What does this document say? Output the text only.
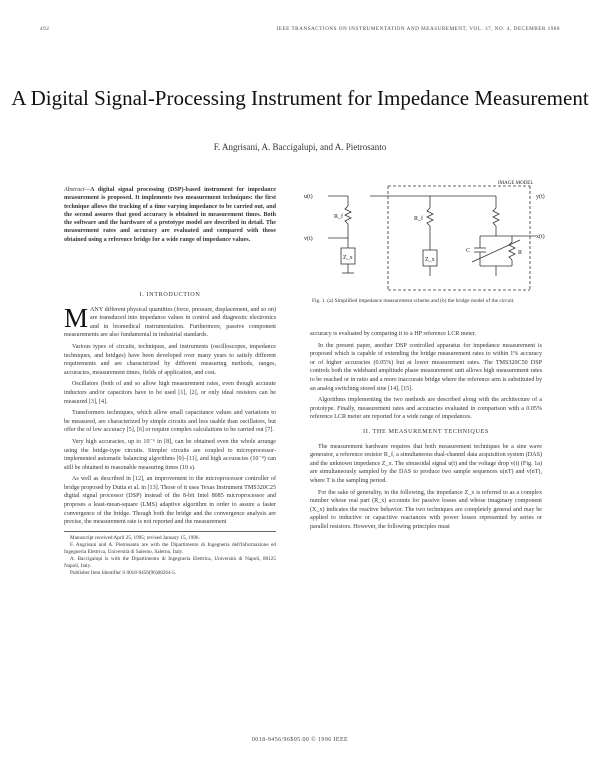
492	IEEE TRANSACTIONS ON INSTRUMENTATION AND MEASUREMENT, VOL. 37, NO. 4, DECEMBER 1988
A Digital Signal-Processing Instrument for Impedance Measurement
F. Angrisani, A. Baccigalupi, and A. Pietrosanto

Abstract—A digital signal processing (DSP)-based instrument for impedance measurement is proposed. It implements two measurement techniques: the first technique allows the tracking of a time varying impedance to be carried out, and the second assures that good accuracy is obtained in measurement times. Both the software and the hardware of a prototype model are described in detail. The measurement rates and accuracy are evaluated and compared with those obtained using a reference bridge for a wide range of impedance values.

I. INTRODUCTION

MANY different physical quantities (force, pressure, displacement, and so on) are transduced into impedance values in control and diagnostic electronics and in biomedical instrumentation. Furthermore, passive component measurements are also fundamental in industrial standards.

Various types of circuits, techniques, and instruments (oscilloscopes, impedance techniques, and bridges) have been developed over many years to satisfy different requirements and are characterized by different measuring methods, ranges, accuracies, measurement times, fields of application, and cost.

Oscillators (both of and so allow high measurement rates, even though accurate inductors and/or capacitors have to be used [1], [2], or only ideal resistors can be measured [3], [4].

Transformers techniques, which allow small capacitance values and variations to be measured, are characterized by simple circuits and less usable than oscillators, but offer the of low accuracy [5], [6] or require complex calculations to be carried out [7].

Very high accuracies, up to 10⁻⁶ in [8], can be obtained even the whole arrange using the bridge-type circuits. Simpler circuits are coupled to microprocessor-implemented automatic balancing algorithms [9]–[11], and high accuracies (10⁻⁴) can still be obtained in reasonable measuring times (10 s).

As well as described in [12], an improvement to the microprocessor controller of bridge proposed by Dutta et al. in [13]. Those of it uses Texas Instrument TMS320C25 digital signal processor (DSP) instead of the 8-bit Intel 8085 microprocessor and proposes a least-mean-square (LMS) adaptive algorithm in order to assure a faster convergence of the bridge. Though both the bridge and the convergence analysis are precise, the measurement rate is not reported and the measurement

Manuscript received April 25, 1995; revised January 15, 1996.

F. Angrisani and A. Pietrosanto are with the Dipartimento di Ingegneria dell'Informazione ed Ingegneria Elettrica, Università di Salerno, Salerno, Italy.

A. Baccigalupi is with the Dipartimento di Ingegneria Elettrica, Università di Napoli, 80125 Napoli, Italy.

Publisher Item Identifier S 0018-9456(96)08264-5.

u(t)
v(t)	x(t)
y(t)
R_f	R_f
Z_x	Z_x
C	R
IMAGE MODEL
Fig. 1. (a) Simplified impedance measurement scheme and (b) the bridge model of the circuit.

accuracy is evaluated by comparing it to a HP reference LCR meter.

In the present paper, another DSP controlled apparatus for impedance measurement is proposed which is capable of extending the bridge measurement rates to within 1% accuracy or of higher accuracies (0.05%) but at lower measurement rates. The TMS320C50 DSP controls both the wideband amplitude phase measurement unit allows high measurement rates to be reached or in ratio and a more inaccurate bridge where the reference arm is substituted by an analog switching stored sine [14], [15].

Algorithms implementing the two methods are described along with the architecture of a prototype. Finally, measurement rates and accuracies evaluated in comparison with a 0.05% reference LCR meter are reported for a wide range of impedances.

II. THE MEASUREMENT TECHNIQUES

The measurement hardware requires that both measurement techniques be a sine wave generator, a reference resistor R_f, a simultaneous dual-channel data acquisition system (DAS) and the unknown impedance Z_x. The sinusoidal signal u(t) and the voltage drop v(t) (Fig. 1a) are simultaneously sampled by the DAS to produce two sample sequences u(nT) and v(nT), where T is the sampling period.

For the sake of generality, in the following, the impedance Z_x is referred to as a complex number whose real part (R_x) accounts for passive losses and whose imaginary component (X_x) indicates the reactive behavior. The two techniques are completely general and may be applied to inductive or capacitive reactances with power losses represented by series or parallel resistors. However, the following principles must

0018-9456/96$05.00 © 1996 IEEE
